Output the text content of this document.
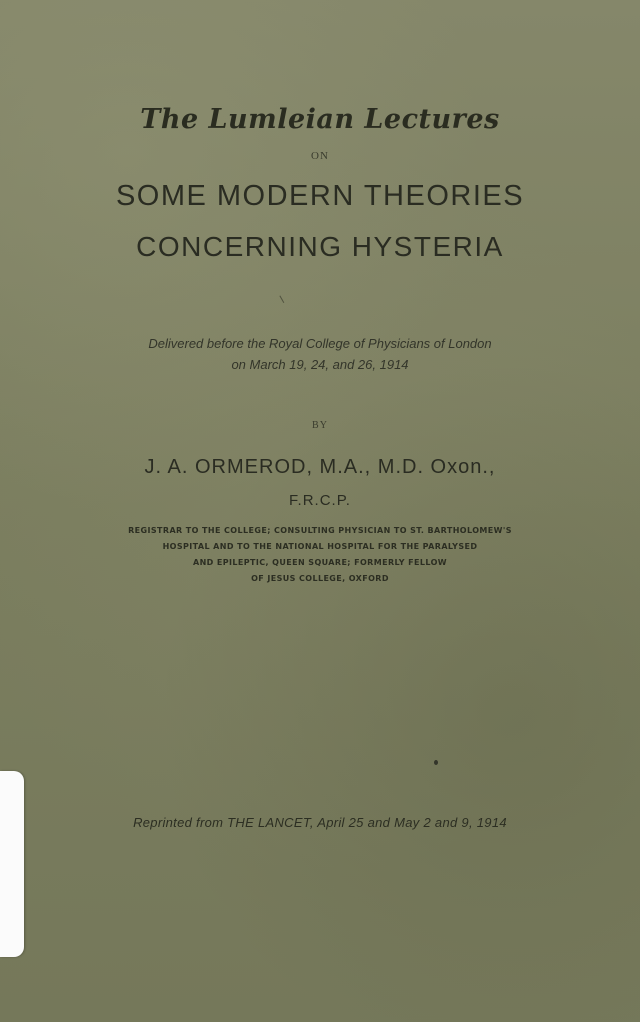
The Lumleian Lectures
ON
SOME MODERN THEORIES
CONCERNING HYSTERIA
Delivered before the Royal College of Physicians of London
on March 19, 24, and 26, 1914
BY
J. A. ORMEROD, M.A., M.D. Oxon.,
F.R.C.P.
REGISTRAR TO THE COLLEGE; CONSULTING PHYSICIAN TO ST. BARTHOLOMEW'S
HOSPITAL AND TO THE NATIONAL HOSPITAL FOR THE PARALYSED
AND EPILEPTIC, QUEEN SQUARE; FORMERLY FELLOW
OF JESUS COLLEGE, OXFORD
Reprinted from THE LANCET, April 25 and May 2 and 9, 1914
